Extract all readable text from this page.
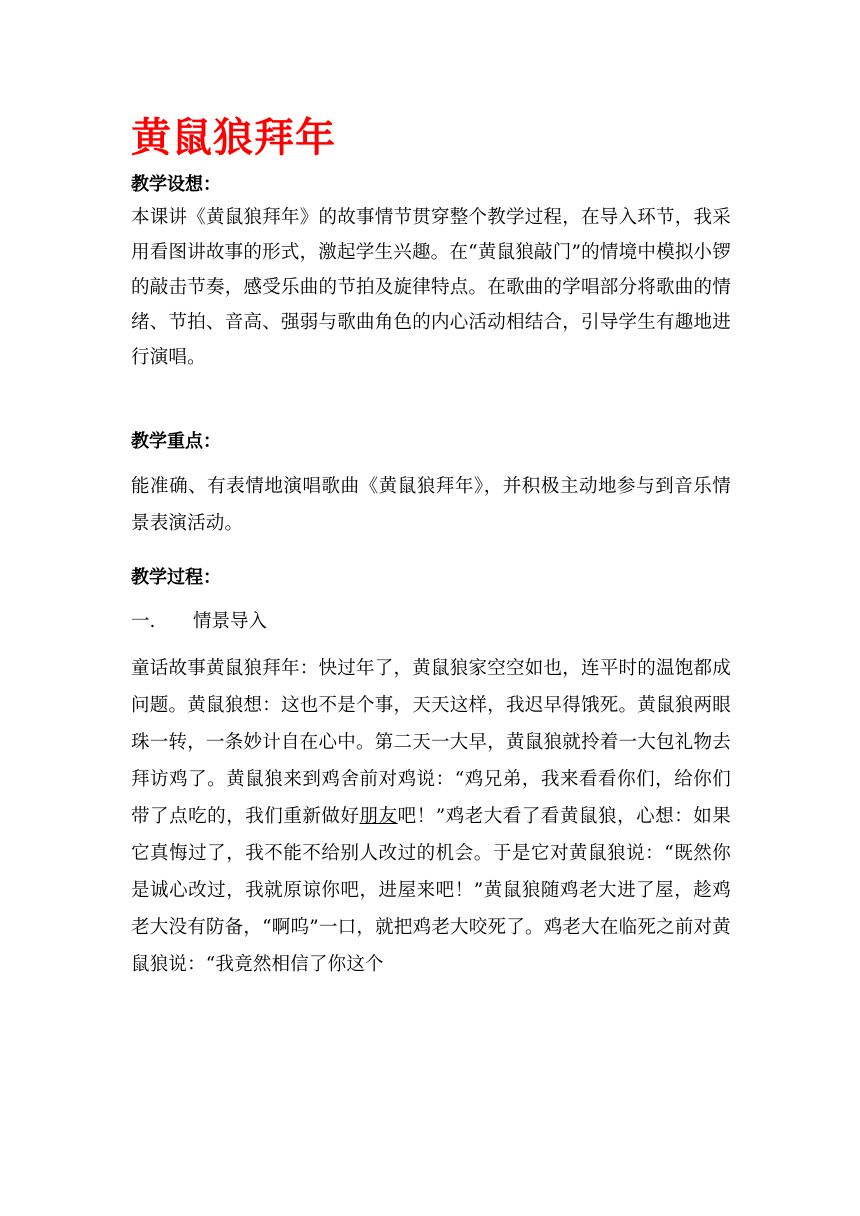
黄鼠狼拜年

教学设想：

本课讲《黄鼠狼拜年》的故事情节贯穿整个教学过程，在导入环节，我采用看图讲故事的形式，激起学生兴趣。在“黄鼠狼敲门”的情境中模拟小锣的敲击节奏，感受乐曲的节拍及旋律特点。在歌曲的学唱部分将歌曲的情绪、节拍、音高、强弱与歌曲角色的内心活动相结合，引导学生有趣地进行演唱。

教学重点：

能准确、有表情地演唱歌曲《黄鼠狼拜年》，并积极主动地参与到音乐情景表演活动。

教学过程：

一. 情景导入

童话故事黄鼠狼拜年：快过年了，黄鼠狼家空空如也，连平时的温饱都成问题。黄鼠狼想：这也不是个事，天天这样，我迟早得饿死。黄鼠狼两眼珠一转，一条妙计自在心中。第二天一大早，黄鼠狼就拎着一大包礼物去拜访鸡了。黄鼠狼来到鸡舍前对鸡说：“鸡兄弟，我来看看你们，给你们带了点吃的，我们重新做好朋友吧！”鸡老大看了看黄鼠狼，心想：如果它真悔过了，我不能不给别人改过的机会。于是它对黄鼠狼说：“既然你是诚心改过，我就原谅你吧，进屋来吧！”黄鼠狼随鸡老大进了屋，趁鸡老大没有防备，“啊呜”一口，就把鸡老大咬死了。鸡老大在临死之前对黄鼠狼说：“我竟然相信了你这个
